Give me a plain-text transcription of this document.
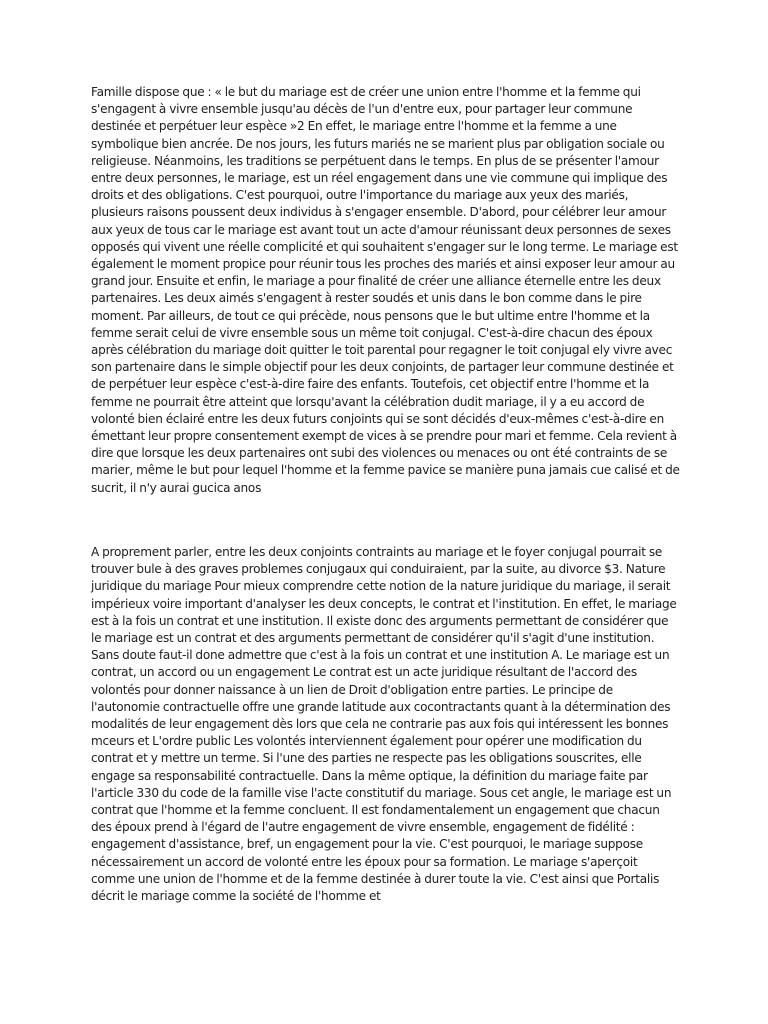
Famille dispose que : « le but du mariage est de créer une union entre l'homme et la femme qui s'engagent à vivre ensemble jusqu'au décès de l'un d'entre eux, pour partager leur commune destinée et perpétuer leur espèce »2 En effet, le mariage entre l'homme et la femme a une symbolique bien ancrée. De nos jours, les futurs mariés ne se marient plus par obligation sociale ou religieuse. Néanmoins, les traditions se perpétuent dans le temps. En plus de se présenter l'amour entre deux personnes, le mariage, est un réel engagement dans une vie commune qui implique des droits et des obligations. C'est pourquoi, outre l'importance du mariage aux yeux des mariés, plusieurs raisons poussent deux individus à s'engager ensemble. D'abord, pour célébrer leur amour aux yeux de tous car le mariage est avant tout un acte d'amour réunissant deux personnes de sexes opposés qui vivent une réelle complicité et qui souhaitent s'engager sur le long terme. Le mariage est également le moment propice pour réunir tous les proches des mariés et ainsi exposer leur amour au grand jour. Ensuite et enfin, le mariage a pour finalité de créer une alliance éternelle entre les deux partenaires. Les deux aimés s'engagent à rester soudés et unis dans le bon comme dans le pire moment. Par ailleurs, de tout ce qui précède, nous pensons que le but ultime entre l'homme et la femme serait celui de vivre ensemble sous un même toit conjugal. C'est-à-dire chacun des époux après célébration du mariage doit quitter le toit parental pour regagner le toit conjugal ely vivre avec son partenaire dans le simple objectif pour les deux conjoints, de partager leur commune destinée et de perpétuer leur espèce c'est-à-dire faire des enfants. Toutefois, cet objectif entre l'homme et la femme ne pourrait être atteint que lorsqu'avant la célébration dudit mariage, il y a eu accord de volonté bien éclairé entre les deux futurs conjoints qui se sont décidés d'eux-mêmes c'est-à-dire en émettant leur propre consentement exempt de vices à se prendre pour mari et femme. Cela revient à dire que lorsque les deux partenaires ont subi des violences ou menaces ou ont été contraints de se marier, même le but pour lequel l'homme et la femme pavice se manière puna jamais cue calisé et de sucrit, il n'y aurai gucica anos

A proprement parler, entre les deux conjoints contraints au mariage et le foyer conjugal pourrait se trouver bule à des graves problemes conjugaux qui conduiraient, par la suite, au divorce $3. Nature juridique du mariage Pour mieux comprendre cette notion de la nature juridique du mariage, il serait impérieux voire important d'analyser les deux concepts, le contrat et l'institution. En effet, le mariage est à la fois un contrat et une institution. Il existe donc des arguments permettant de considérer que le mariage est un contrat et des arguments permettant de considérer qu'il s'agit d'une institution. Sans doute faut-il done admettre que c'est à la fois un contrat et une institution A. Le mariage est un contrat, un accord ou un engagement Le contrat est un acte juridique résultant de l'accord des volontés pour donner naissance à un lien de Droit d'obligation entre parties. Le principe de l'autonomie contractuelle offre une grande latitude aux cocontractants quant à la détermination des modalités de leur engagement dès lors que cela ne contrarie pas aux fois qui intéressent les bonnes mceurs et L'ordre public Les volontés interviennent également pour opérer une modification du contrat et y mettre un terme. Si l'une des parties ne respecte pas les obligations souscrites, elle engage sa responsabilité contractuelle. Dans la même optique, la définition du mariage faite par l'article 330 du code de la famille vise l'acte constitutif du mariage. Sous cet angle, le mariage est un contrat que l'homme et la femme concluent. Il est fondamentalement un engagement que chacun des époux prend à l'égard de l'autre engagement de vivre ensemble, engagement de fidélité : engagement d'assistance, bref, un engagement pour la vie. C'est pourquoi, le mariage suppose nécessairement un accord de volonté entre les époux pour sa formation. Le mariage s'aperçoit comme une union de l'homme et de la femme destinée à durer toute la vie. C'est ainsi que Portalis décrit le mariage comme la société de l'homme et
